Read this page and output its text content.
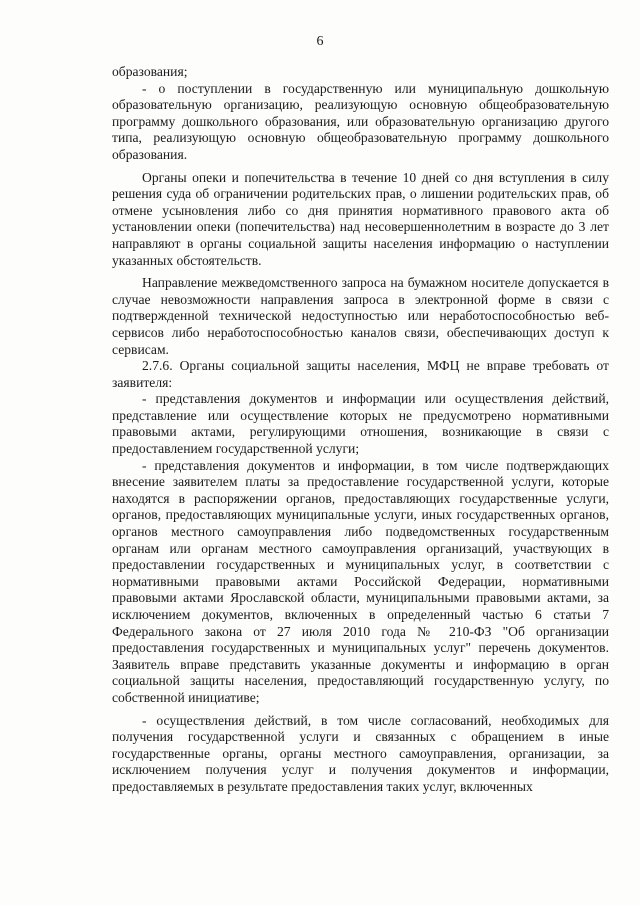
6

образования;

- о поступлении в государственную или муниципальную дошкольную образовательную организацию, реализующую основную общеобразовательную программу дошкольного образования, или образовательную организацию другого типа, реализующую основную общеобразовательную программу дошкольного образования.

Органы опеки и попечительства в течение 10 дней со дня вступления в силу решения суда об ограничении родительских прав, о лишении родительских прав, об отмене усыновления либо со дня принятия нормативного правового акта об установлении опеки (попечительства) над несовершеннолетним в возрасте до 3 лет направляют в органы социальной защиты населения информацию о наступлении указанных обстоятельств.

Направление межведомственного запроса на бумажном носителе допускается в случае невозможности направления запроса в электронной форме в связи с подтвержденной технической недоступностью или неработоспособностью веб-сервисов либо неработоспособностью каналов связи, обеспечивающих доступ к сервисам.

2.7.6. Органы социальной защиты населения, МФЦ не вправе требовать от заявителя:

- представления документов и информации или осуществления действий, представление или осуществление которых не предусмотрено нормативными правовыми актами, регулирующими отношения, возникающие в связи с предоставлением государственной услуги;

- представления документов и информации, в том числе подтверждающих внесение заявителем платы за предоставление государственной услуги, которые находятся в распоряжении органов, предоставляющих государственные услуги, органов, предоставляющих муниципальные услуги, иных государственных органов, органов местного самоуправления либо подведомственных государственным органам или органам местного самоуправления организаций, участвующих в предоставлении государственных и муниципальных услуг, в соответствии с нормативными правовыми актами Российской Федерации, нормативными правовыми актами Ярославской области, муниципальными правовыми актами, за исключением документов, включенных в определенный частью 6 статьи 7 Федерального закона от 27 июля 2010 года № 210-ФЗ "Об организации предоставления государственных и муниципальных услуг" перечень документов. Заявитель вправе представить указанные документы и информацию в орган социальной защиты населения, предоставляющий государственную услугу, по собственной инициативе;

- осуществления действий, в том числе согласований, необходимых для получения государственной услуги и связанных с обращением в иные государственные органы, органы местного самоуправления, организации, за исключением получения услуг и получения документов и информации, предоставляемых в результате предоставления таких услуг, включенных
